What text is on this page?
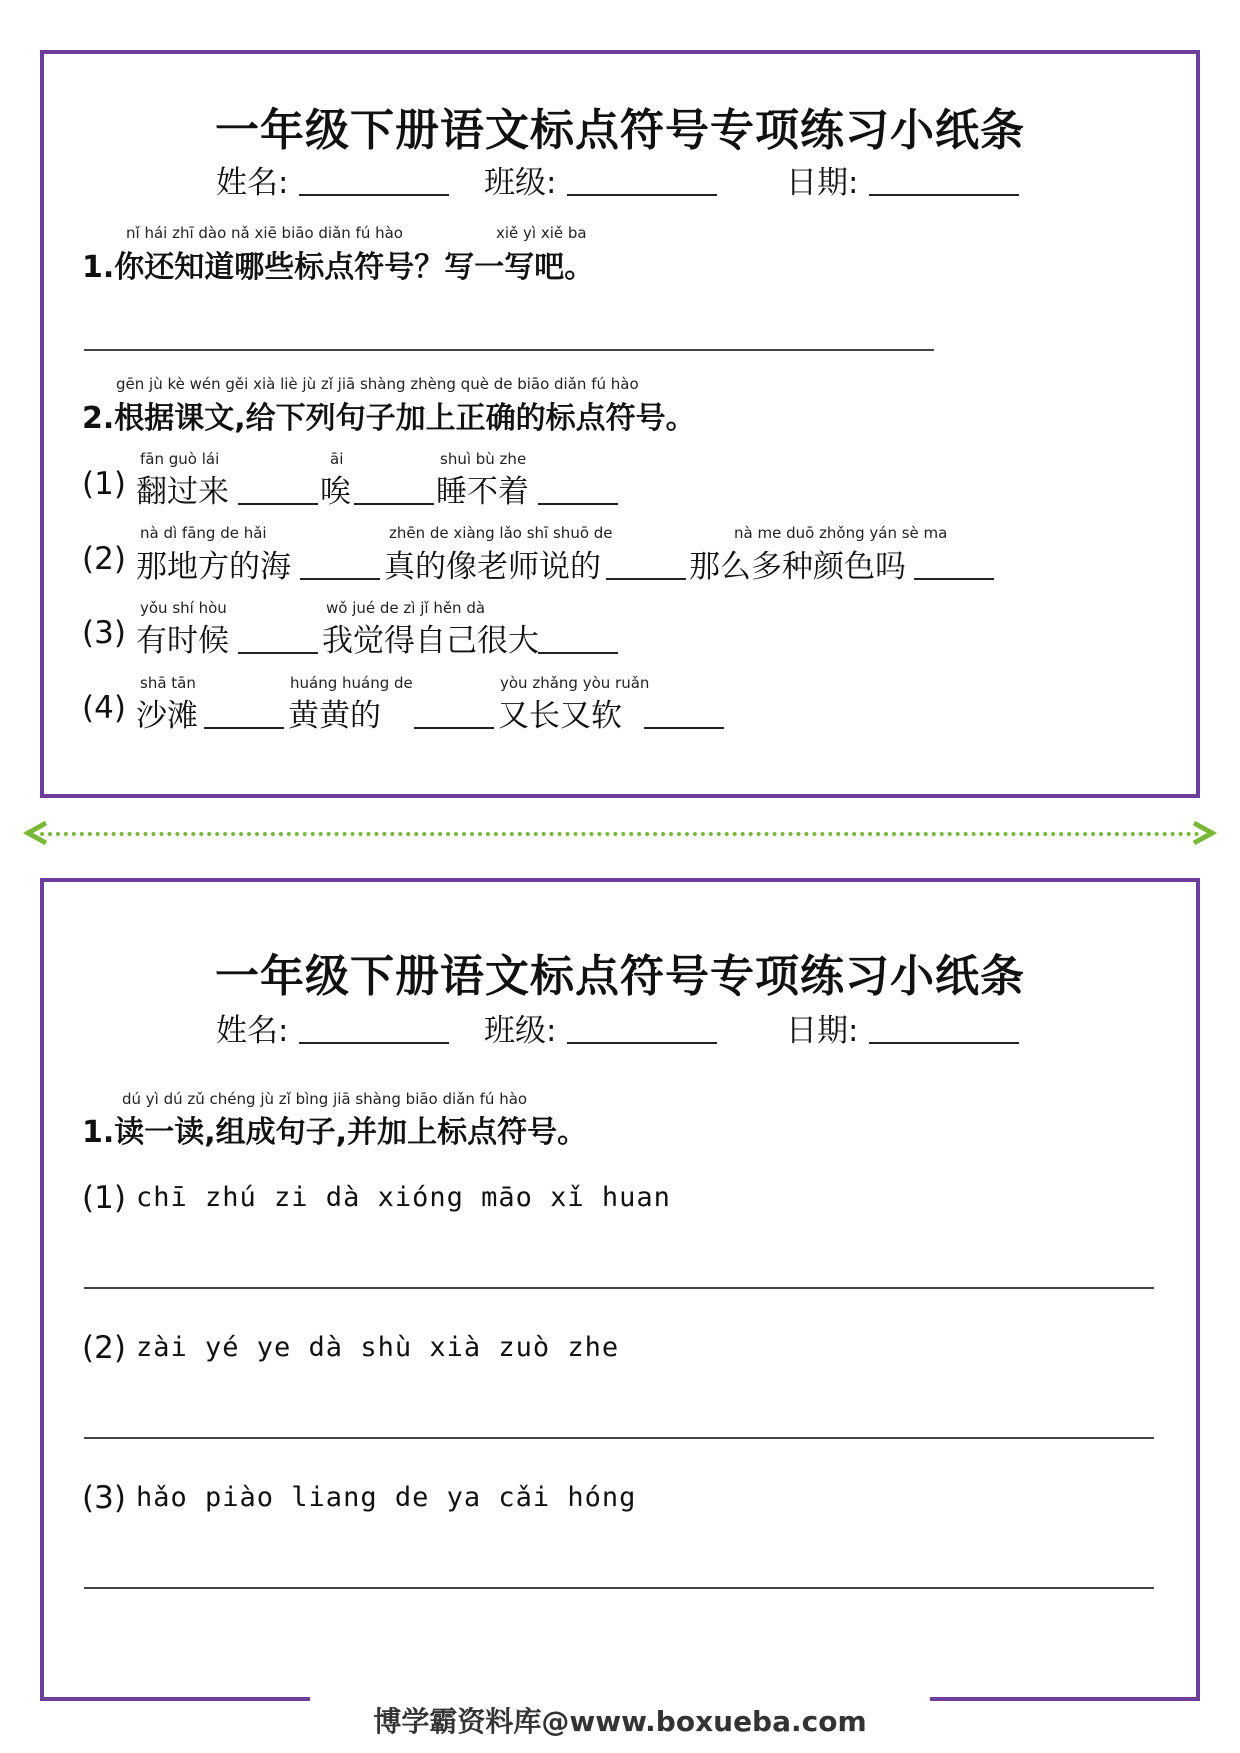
一年级下册语文标点符号专项练习小纸条
姓名:	班级:	日期:
nǐ hái zhī dào nǎ xiē biāo diǎn fú hào	xiě yì xiě ba
1.你还知道哪些标点符号？写一写吧。
gēn jù kè wén gěi xià liè jù zǐ jiā shàng zhèng què de biāo diǎn fú hào
2.根据课文,给下列句子加上正确的标点符号。
fān guò lái	āi	shuì bù zhe
(1) 翻过来	唉	睡不着
nà dì fāng de hǎi	zhēn de xiàng lǎo shī shuō de	nà me duō zhǒng yán sè ma
(2) 那地方的海	真的像老师说的	那么多种颜色吗
yǒu shí hòu	wǒ jué de zì jǐ hěn dà
(3) 有时候	我觉得自己很大
shā tān	huáng huáng de	yòu zhǎng yòu ruǎn
(4) 沙滩	黄黄的	又长又软
一年级下册语文标点符号专项练习小纸条
姓名:	班级:	日期:
dú yì dú zǔ chéng jù zǐ bìng jiā shàng biāo diǎn fú hào
1.读一读,组成句子,并加上标点符号。
(1) chī zhú zi dà xióng māo xǐ huan
(2) zài yé ye dà shù xià zuò zhe
(3) hǎo piào liang de ya cǎi hóng
博学霸资料库@www.boxueba.com
